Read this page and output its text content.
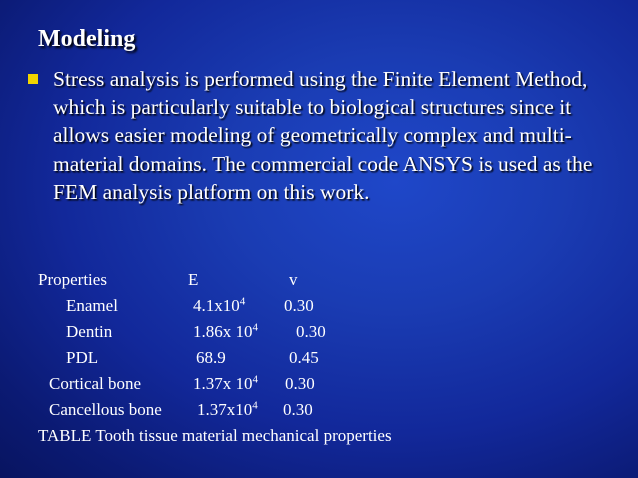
Modeling
Stress analysis is performed using the Finite Element Method, which is particularly suitable to biological structures since it allows easier modeling of geometrically complex and multi-material domains. The commercial code ANSYS is used as the FEM analysis platform on this work.
Properties	E	v
Enamel	$4.1x10^4$ 0.30
Dentin	1.86x $10^4$ 0.30
PDL	68.9	0.45
Cortical bone	1.37x $10^4$ 0.30
Cancellous bone $1.37x10^4$ 0.30
TABLE Tooth tissue material mechanical properties
